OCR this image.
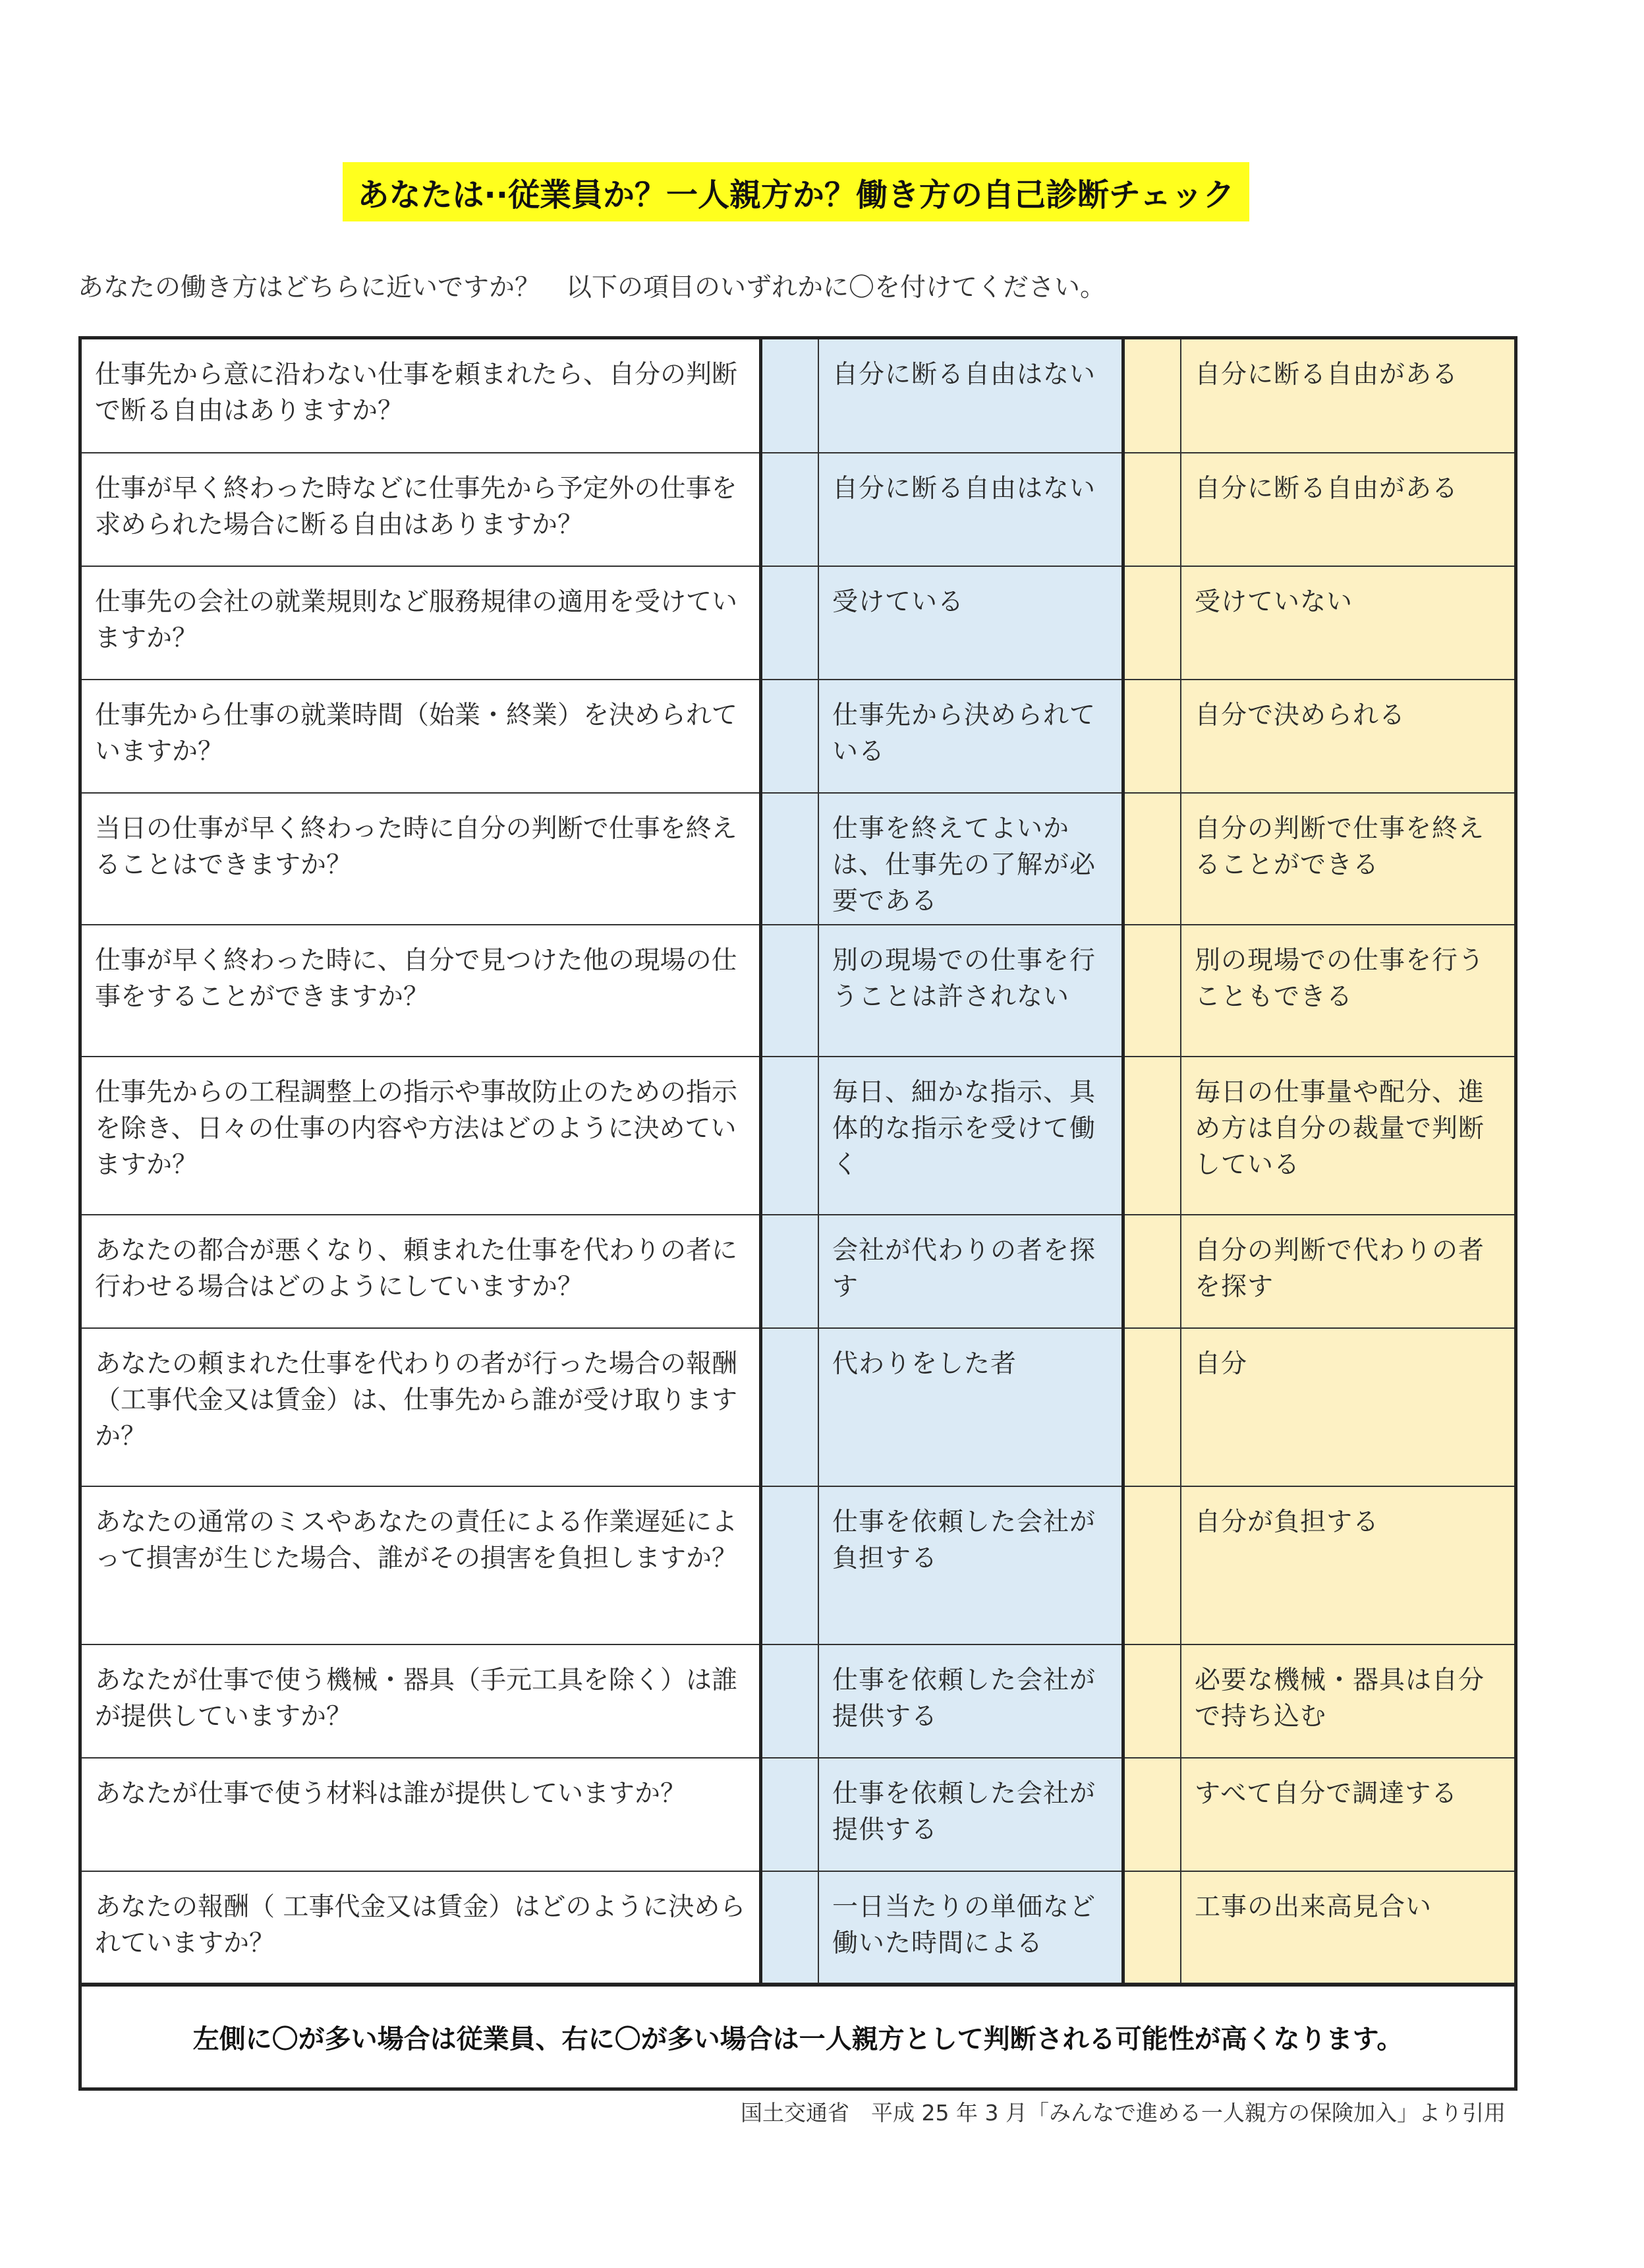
あなたは··従業員か？一人親方か？働き方の自己診断チェック
あなたの働き方はどちらに近いですか？　以下の項目のいずれかに〇を付けてください。
仕事先から意に沿わない仕事を頼まれたら、自分の判断で断る自由はありますか？		自分に断る自由はない		自分に断る自由がある
仕事が早く終わった時などに仕事先から予定外の仕事を求められた場合に断る自由はありますか？		自分に断る自由はない		自分に断る自由がある
仕事先の会社の就業規則など服務規律の適用を受けていますか？		受けている		受けていない
仕事先から仕事の就業時間（始業・終業）を決められていますか？		仕事先から決められている		自分で決められる
当日の仕事が早く終わった時に自分の判断で仕事を終えることはできますか？		仕事を終えてよいかは、仕事先の了解が必要である		自分の判断で仕事を終えることができる
仕事が早く終わった時に、自分で見つけた他の現場の仕事をすることができますか？		別の現場での仕事を行うことは許されない		別の現場での仕事を行うこともできる
仕事先からの工程調整上の指示や事故防止のための指示を除き、日々の仕事の内容や方法はどのように決めていますか？		毎日、細かな指示、具体的な指示を受けて働く		毎日の仕事量や配分、進め方は自分の裁量で判断している
あなたの都合が悪くなり、頼まれた仕事を代わりの者に行わせる場合はどのようにしていますか？		会社が代わりの者を探す		自分の判断で代わりの者を探す
あなたの頼まれた仕事を代わりの者が行った場合の報酬（工事代金又は賃金）は、仕事先から誰が受け取りますか？		代わりをした者		自分
あなたの通常のミスやあなたの責任による作業遅延によって損害が生じた場合、誰がその損害を負担しますか？		仕事を依頼した会社が負担する		自分が負担する
あなたが仕事で使う機械・器具（手元工具を除く）は誰が提供していますか？		仕事を依頼した会社が提供する		必要な機械・器具は自分で持ち込む
あなたが仕事で使う材料は誰が提供していますか？		仕事を依頼した会社が提供する		すべて自分で調達する
あなたの報酬（ 工事代金又は賃金）はどのように決められていますか？		一日当たりの単価など働いた時間による		工事の出来高見合い
左側に〇が多い場合は従業員、右に〇が多い場合は一人親方として判断される可能性が高くなります。
国土交通省　平成 25 年 3 月「みんなで進める一人親方の保険加入」より引用
